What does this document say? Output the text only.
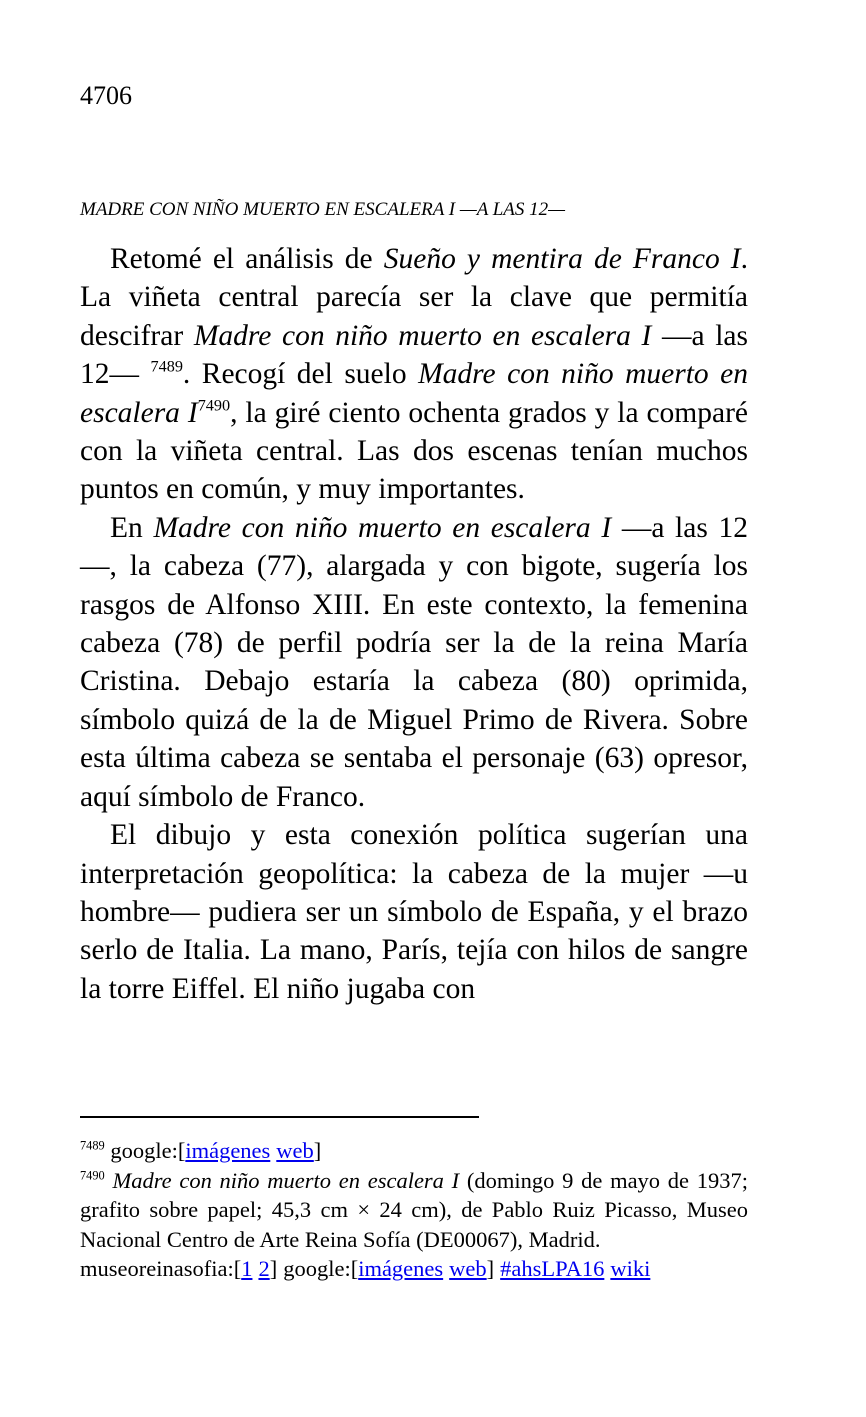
4706
MADRE CON NIÑO MUERTO EN ESCALERA I —A LAS 12—

Retomé el análisis de Sueño y mentira de Franco I. La viñeta central parecía ser la clave que permitía descifrar Madre con niño muerto en escalera I —a las 12— $^{7489}$. Recogí del suelo Madre con niño muerto en escalera $I^{7490}$, la giré ciento ochenta grados y la comparé con la viñeta central. Las dos escenas tenían muchos puntos en común, y muy importantes.

En Madre con niño muerto en escalera I —a las 12—, la cabeza (77), alargada y con bigote, sugería los rasgos de Alfonso XIII. En este contexto, la femenina cabeza (78) de perfil podría ser la de la reina María Cristina. Debajo estaría la cabeza (80) oprimida, símbolo quizá de la de Miguel Primo de Rivera. Sobre esta última cabeza se sentaba el personaje (63) opresor, aquí símbolo de Franco.

El dibujo y esta conexión política sugerían una interpretación geopolítica: la cabeza de la mujer —u hombre— pudiera ser un símbolo de España, y el brazo serlo de Italia. La mano, París, tejía con hilos de sangre la torre Eiffel. El niño jugaba con

$^{7489}$ google:[imágenes web]
$^{7490}$ Madre con niño muerto en escalera I (domingo 9 de mayo de 1937; grafito sobre papel; 45,3 cm × 24 cm), de Pablo Ruiz Picasso, Museo Nacional Centro de Arte Reina Sofía (DE00067), Madrid.
museoreinasofia:[1 2] google:[imágenes web] #ahsLPA16 wiki
